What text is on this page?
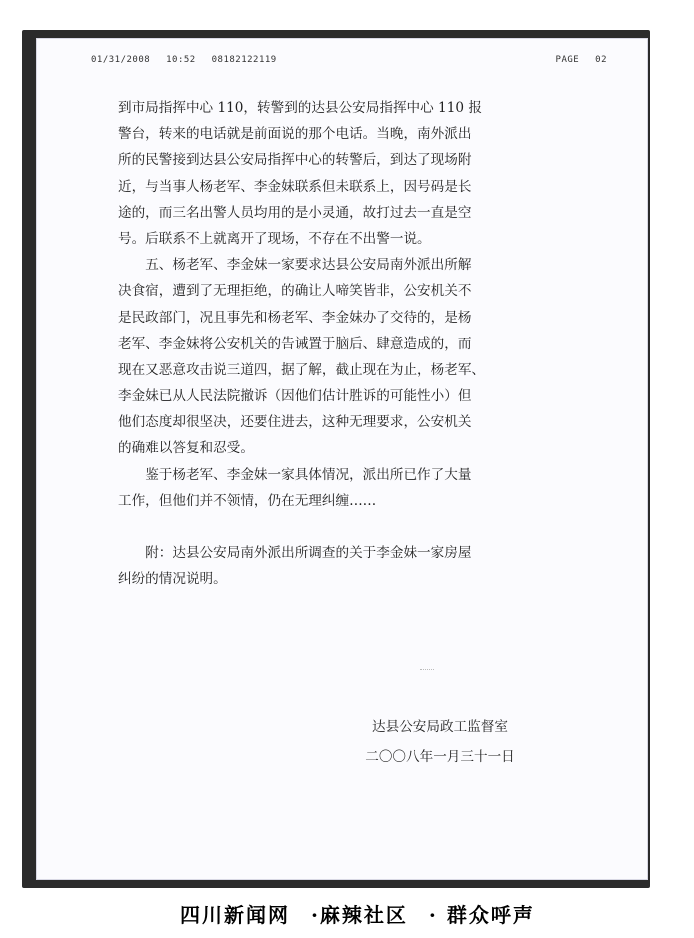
01/31/2008 10:52 08182122119	PAGE 02
到市局指挥中心 110，转警到的达县公安局指挥中心 110 报
警台，转来的电话就是前面说的那个电话。当晚，南外派出
所的民警接到达县公安局指挥中心的转警后，到达了现场附
近，与当事人杨老军、李金妹联系但未联系上，因号码是长
途的，而三名出警人员均用的是小灵通，故打过去一直是空
号。后联系不上就离开了现场，不存在不出警一说。
五、杨老军、李金妹一家要求达县公安局南外派出所解
决食宿，遭到了无理拒绝，的确让人啼笑皆非，公安机关不
是民政部门，况且事先和杨老军、李金妹办了交待的，是杨
老军、李金妹将公安机关的告诫置于脑后、肆意造成的，而
现在又恶意攻击说三道四，据了解，截止现在为止，杨老军、
李金妹已从人民法院撤诉（因他们估计胜诉的可能性小）但
他们态度却很坚决，还要住进去，这种无理要求，公安机关
的确难以答复和忍受。
鉴于杨老军、李金妹一家具体情况，派出所已作了大量
工作，但他们并不领情，仍在无理纠缠……
附：达县公安局南外派出所调查的关于李金妹一家房屋
纠纷的情况说明。
达县公安局政工监督室
二〇〇八年一月三十一日
四川新闻网 ·麻辣社区 · 群众呼声
